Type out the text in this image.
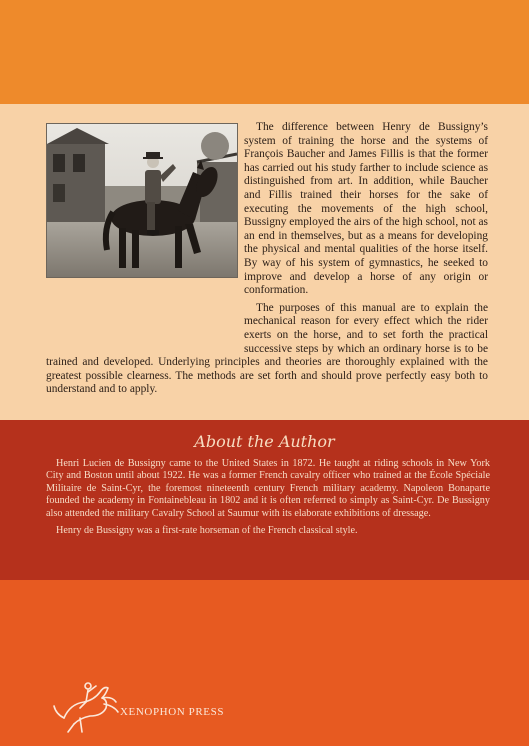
The difference between Henry de Bussigny’s system of training the horse and the systems of François Baucher and James Fillis is that the former has carried out his study farther to include science as distinguished from art. In addition, while Baucher and Fillis trained their horses for the sake of executing the movements of the high school, Bussigny employed the airs of the high school, not as an end in themselves, but as a means for developing the physical and mental qualities of the horse itself. By way of his system of gymnastics, he seeked to improve and develop a horse of any origin or conformation.

The purposes of this manual are to explain the mechanical reason for every effect which the rider exerts on the horse, and to set forth the practical successive steps by which an ordinary horse is to be trained and developed. Underlying principles and theories are thoroughly explained with the greatest possible clearness. The methods are set forth and should prove perfectly easy both to understand and to apply.

About the Author

Henri Lucien de Bussigny came to the United States in 1872. He taught at riding schools in New York City and Boston until about 1922. He was a former French cavalry officer who trained at the École Spéciale Militaire de Saint-Cyr, the foremost nineteenth century French military academy. Napoleon Bonaparte founded the academy in Fontainebleau in 1802 and it is often referred to simply as Saint-Cyr. De Bussigny also attended the military Cavalry School at Saumur with its elaborate exhibitions of dressage.

Henry de Bussigny was a first-rate horseman of the French classical style.

XENOPHON PRESS
